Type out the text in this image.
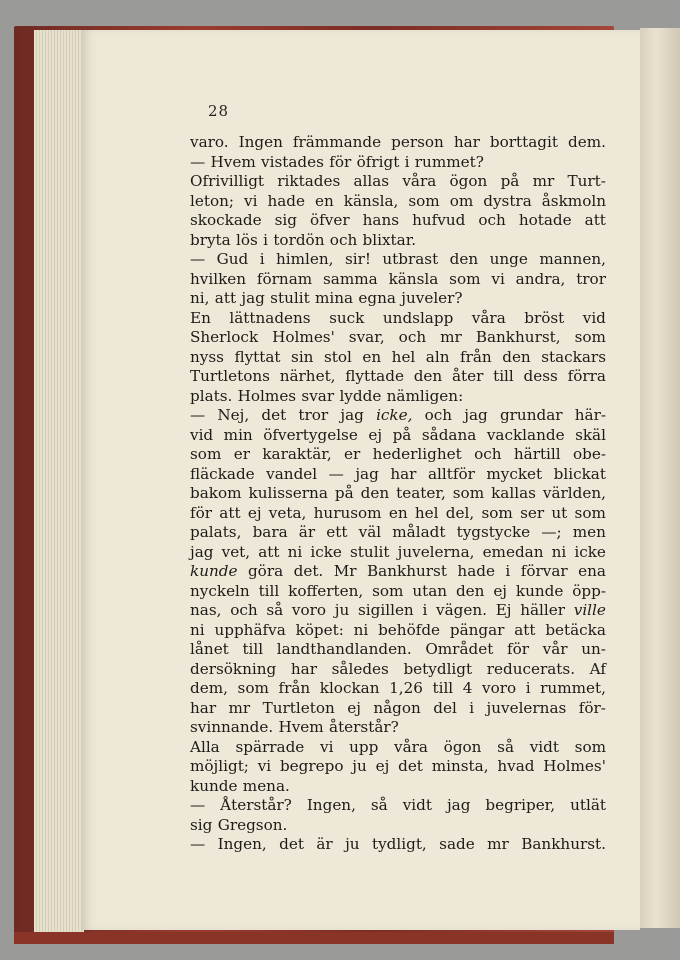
28
varo. Ingen främmande person har borttagit dem.
— Hvem vistades för öfrigt i rummet?
Ofrivilligt riktades allas våra ögon på mr Turt-
leton; vi hade en känsla, som om dystra åskmoln
skockade sig öfver hans hufvud och hotade att
bryta lös i tordön och blixtar.
— Gud i himlen, sir! utbrast den unge mannen,
hvilken förnam samma känsla som vi andra, tror
ni, att jag stulit mina egna juveler?
En lättnadens suck undslapp våra bröst vid
Sherlock Holmes' svar, och mr Bankhurst, som
nyss flyttat sin stol en hel aln från den stackars
Turtletons närhet, flyttade den åter till dess förra
plats. Holmes svar lydde nämligen:
— Nej, det tror jag icke, och jag grundar här-
vid min öfvertygelse ej på sådana vacklande skäl
som er karaktär, er hederlighet och härtill obe-
fläckade vandel — jag har alltför mycket blickat
bakom kulisserna på den teater, som kallas världen,
för att ej veta, hurusom en hel del, som ser ut som
palats, bara är ett väl måladt tygstycke —; men
jag vet, att ni icke stulit juvelerna, emedan ni icke
kunde göra det. Mr Bankhurst hade i förvar ena
nyckeln till kofferten, som utan den ej kunde öpp-
nas, och så voro ju sigillen i vägen. Ej häller ville
ni upphäfva köpet: ni behöfde pängar att betäcka
lånet till landthandlanden. Området för vår un-
dersökning har således betydligt reducerats. Af
dem, som från klockan 1,26 till 4 voro i rummet,
har mr Turtleton ej någon del i juvelernas för-
svinnande. Hvem återstår?
Alla spärrade vi upp våra ögon så vidt som
möjligt; vi begrepo ju ej det minsta, hvad Holmes'
kunde mena.
— Återstår? Ingen, så vidt jag begriper, utlät
sig Gregson.
— Ingen, det är ju tydligt, sade mr Bankhurst.
